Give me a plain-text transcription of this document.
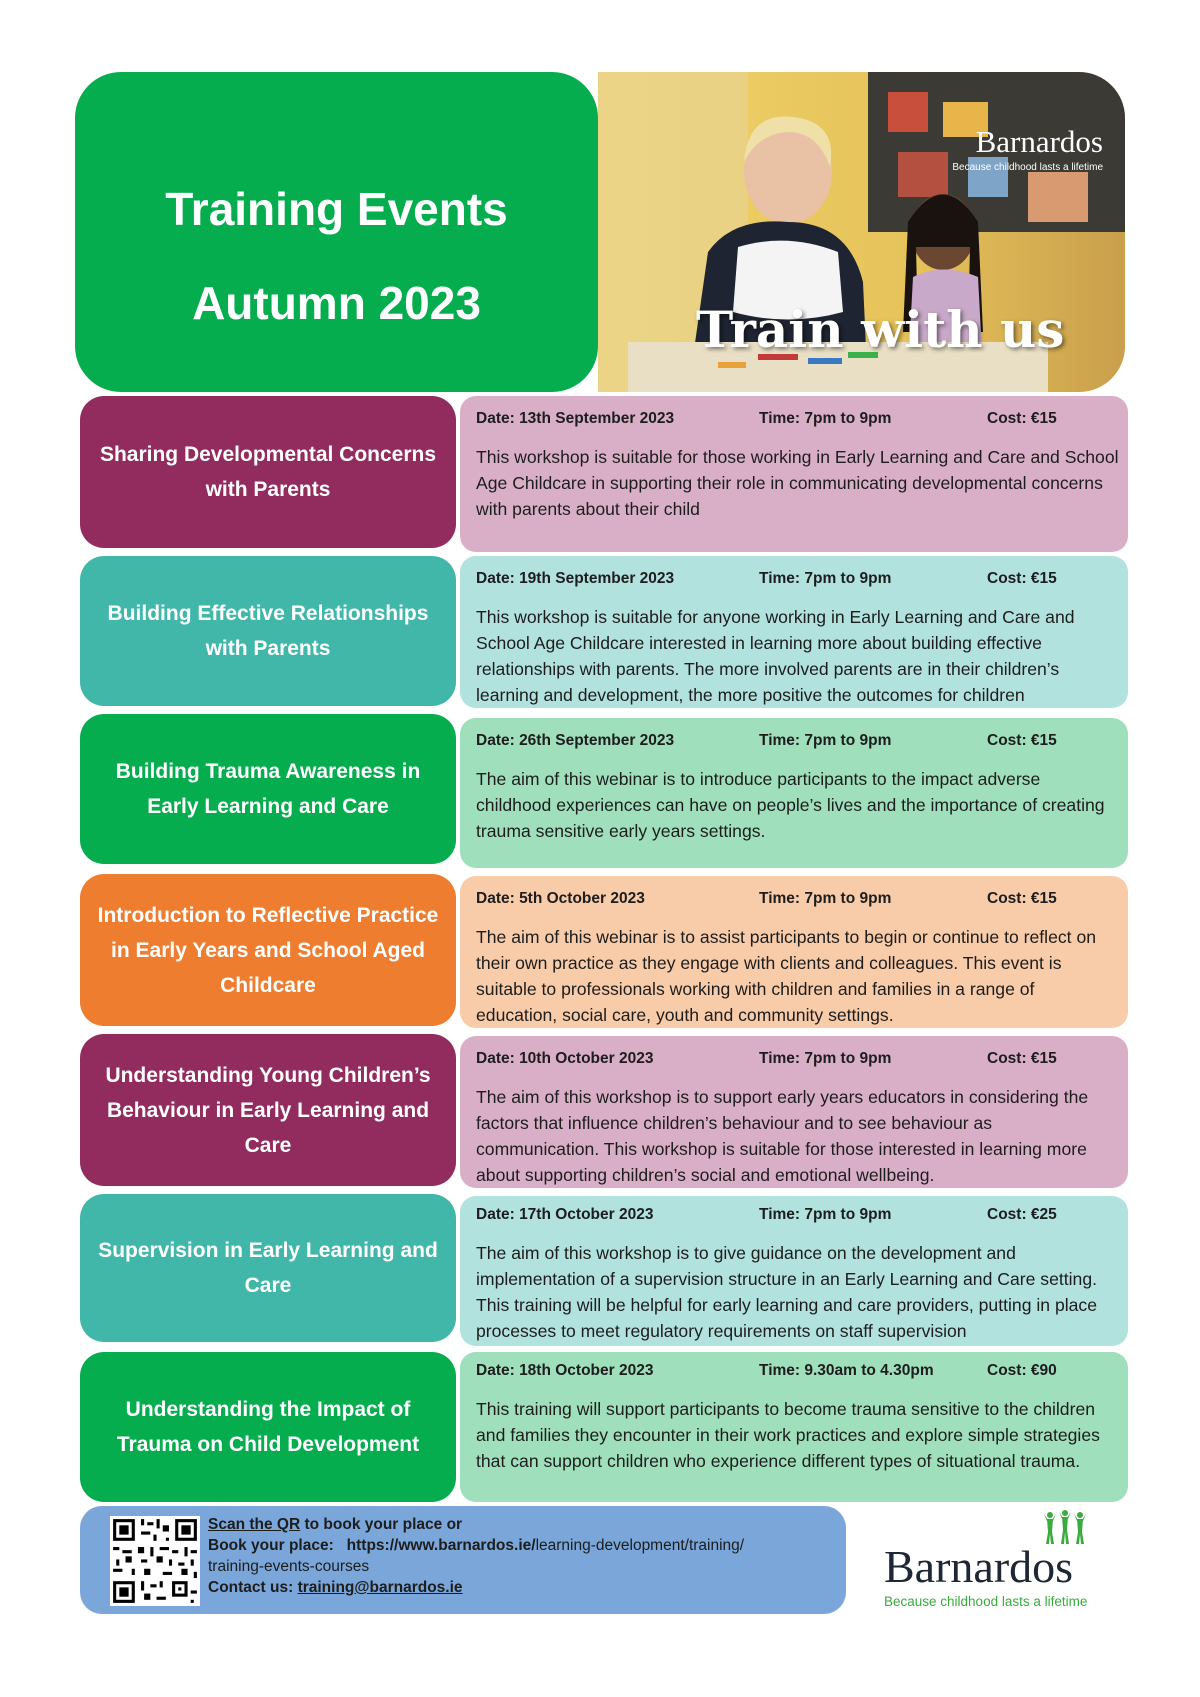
Training Events
Autumn 2023
Barnardos
Because childhood lasts a lifetime
Train with us
Sharing Developmental Concerns with Parents
Date: 13th September 2023	Time: 7pm to 9pm	Cost: €15

This workshop is suitable for those working in Early Learning and Care and School Age Childcare in supporting their role in communicating developmental concerns with parents about their child

Building Effective Relationships with Parents
Date: 19th September 2023	Time: 7pm to 9pm	Cost: €15

This workshop is suitable for anyone working in Early Learning and Care and School Age Childcare interested in learning more about building effective relationships with parents. The more involved parents are in their children’s learning and development, the more positive the outcomes for children

Building Trauma Awareness in Early Learning and Care
Date: 26th September 2023	Time: 7pm to 9pm	Cost: €15

The aim of this webinar is to introduce participants to the impact adverse childhood experiences can have on people’s lives and the importance of creating trauma sensitive early years settings.

Introduction to Reflective Practice in Early Years and School Aged Childcare
Date: 5th October 2023	Time: 7pm to 9pm	Cost: €15

The aim of this webinar is to assist participants to begin or continue to reflect on their own practice as they engage with clients and colleagues. This event is suitable to professionals working with children and families in a range of education, social care, youth and community settings.

Understanding Young Children’s Behaviour in Early Learning and Care
Date: 10th October 2023	Time: 7pm to 9pm	Cost: €15

The aim of this workshop is to support early years educators in considering the factors that influence children’s behaviour and to see behaviour as communication. This workshop is suitable for those interested in learning more about supporting children’s social and emotional wellbeing.

Supervision in Early Learning and Care
Date: 17th October 2023	Time: 7pm to 9pm	Cost: €25

The aim of this workshop is to give guidance on the development and implementation of a supervision structure in an Early Learning and Care setting. This training will be helpful for early learning and care providers, putting in place processes to meet regulatory requirements on staff supervision

Understanding the Impact of Trauma on Child Development
Date: 18th October 2023	Time: 9.30am to 4.30pm	Cost: €90

This training will support participants to become trauma sensitive to the children and families they encounter in their work practices and explore simple strategies that can support children who experience different types of situational trauma.

Scan the QR to book your place or
Book your place: https://www.barnardos.ie/learning-development/training/
training-events-courses
Contact us: training@barnardos.ie	Barnardos
Because childhood lasts a lifetime
